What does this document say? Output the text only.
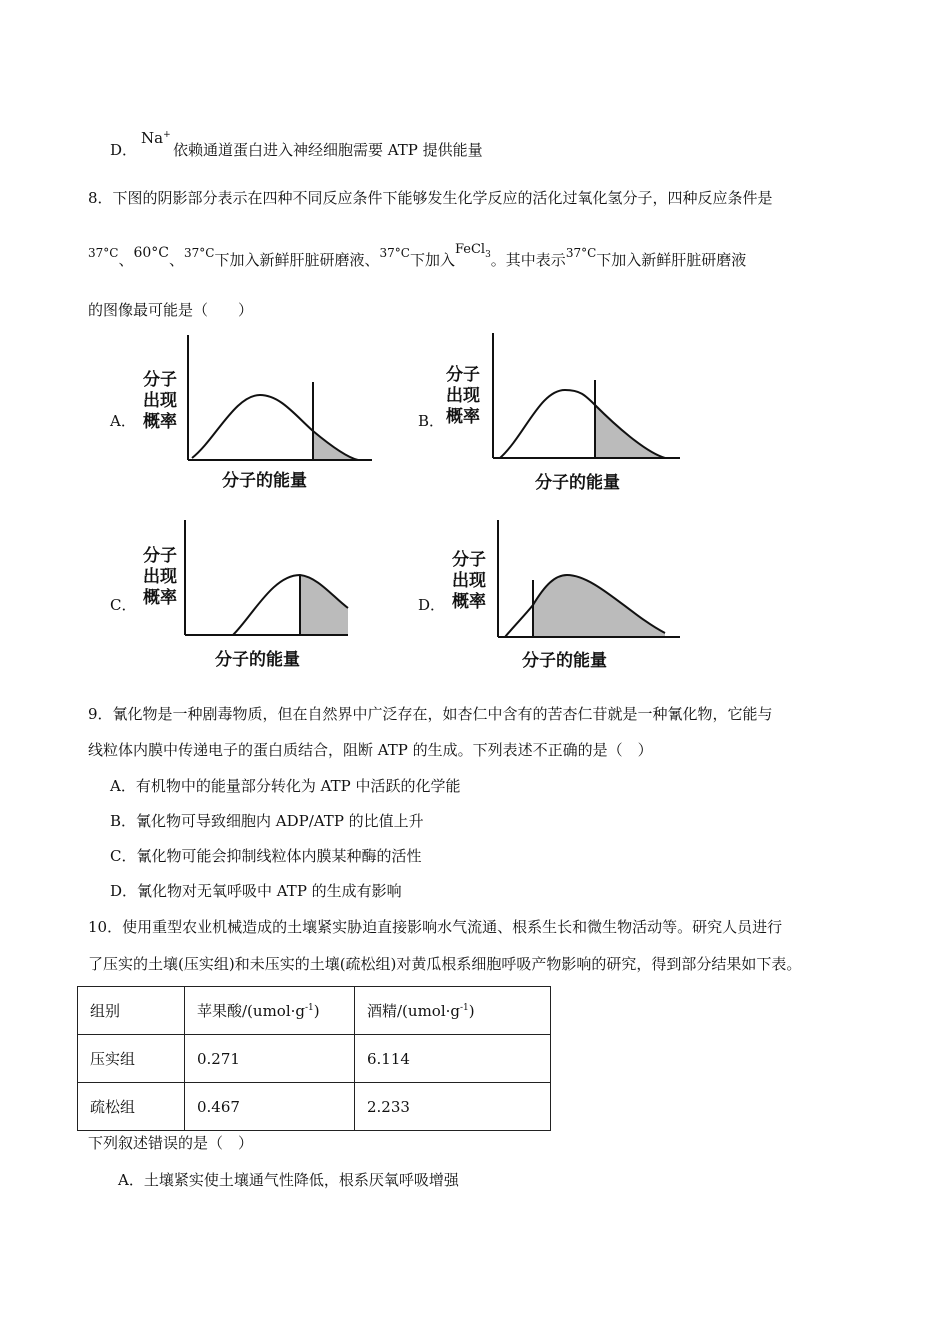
D．
Na+
依赖通道蛋白进入神经细胞需要 ATP 提供能量
8．下图的阴影部分表示在四种不同反应条件下能够发生化学反应的活化过氧化氢分子，四种反应条件是
$^{37^\circ C}$、60°C、$^{37^\circ C}$下加入新鲜肝脏研磨液、$^{37^\circ C}$下加入FeCl$_3$。其中表示$^{37^\circ C}$下加入新鲜肝脏研磨液
的图像最可能是（　　）
A．
分子
出现
概率
分子的能量
B．
分子
出现
概率
分子的能量
C．
分子
出现
概率
分子的能量
D．
分子
出现
概率
分子的能量
9．氰化物是一种剧毒物质，但在自然界中广泛存在，如杏仁中含有的苦杏仁苷就是一种氰化物，它能与
线粒体内膜中传递电子的蛋白质结合，阻断 ATP 的生成。下列表述不正确的是（　）
A．有机物中的能量部分转化为 ATP 中活跃的化学能
B．氰化物可导致细胞内 ADP/ATP 的比值上升
C．氰化物可能会抑制线粒体内膜某种酶的活性
D．氰化物对无氧呼吸中 ATP 的生成有影响
10．使用重型农业机械造成的土壤紧实胁迫直接影响水气流通、根系生长和微生物活动等。研究人员进行
了压实的土壤(压实组)和未压实的土壤(疏松组)对黄瓜根系细胞呼吸产物影响的研究，得到部分结果如下表。
组别	苹果酸$/(umol\cdot g^{-1})$	酒精$/(umol\cdot g^{-1})$
压实组	0.271	6.114
疏松组	0.467	2.233
下列叙述错误的是（　）
A．土壤紧实使土壤通气性降低，根系厌氧呼吸增强
